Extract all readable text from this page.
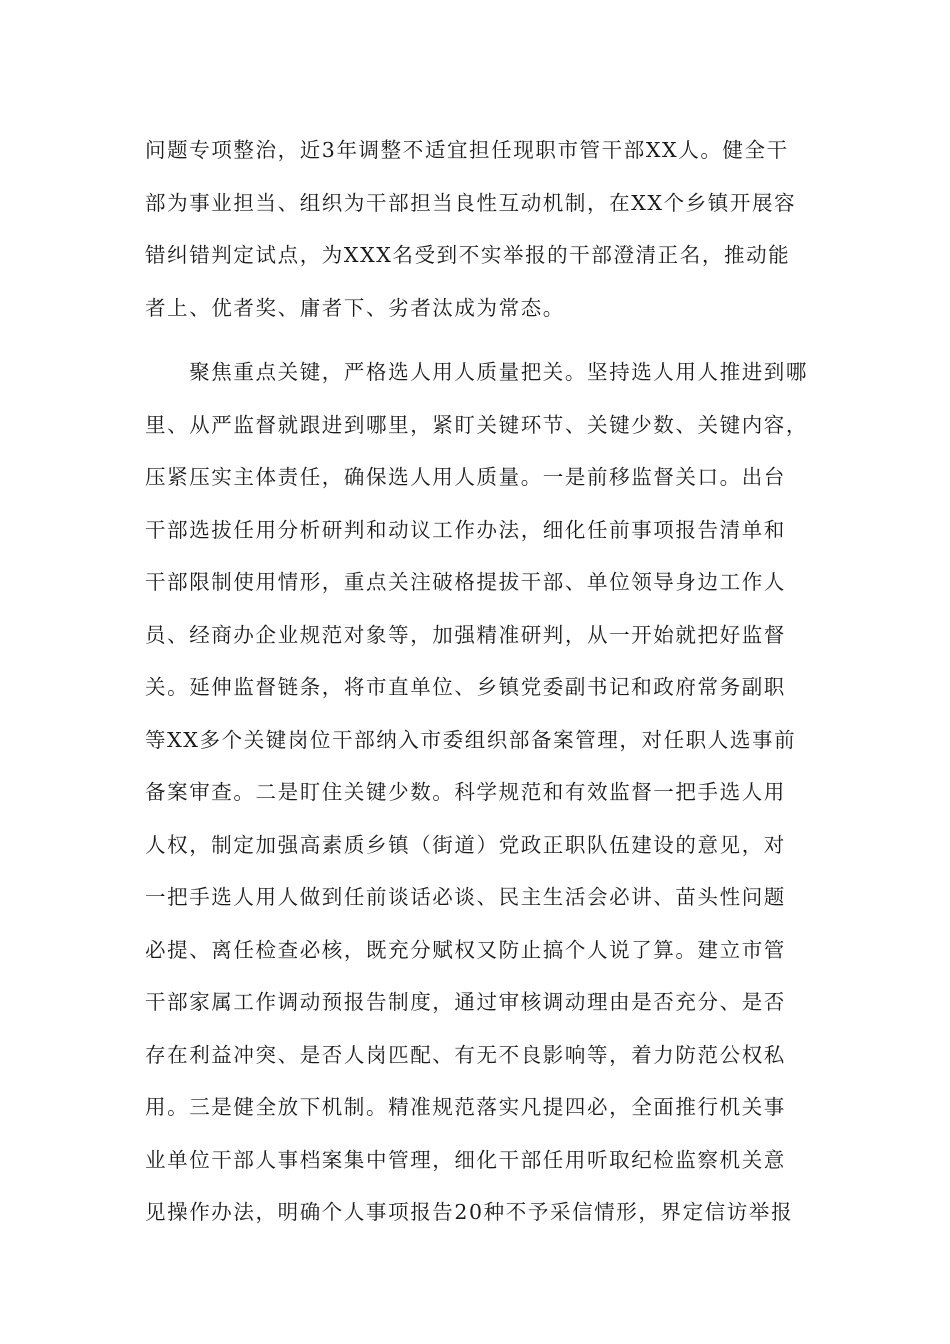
问题专项整治，近3年调整不适宜担任现职市管干部XX人。健全干
部为事业担当、组织为干部担当良性互动机制，在XX个乡镇开展容
错纠错判定试点，为XXX名受到不实举报的干部澄清正名，推动能
者上、优者奖、庸者下、劣者汰成为常态。
　　聚焦重点关键，严格选人用人质量把关。坚持选人用人推进到哪
里、从严监督就跟进到哪里，紧盯关键环节、关键少数、关键内容，
压紧压实主体责任，确保选人用人质量。一是前移监督关口。出台
干部选拔任用分析研判和动议工作办法，细化任前事项报告清单和
干部限制使用情形，重点关注破格提拔干部、单位领导身边工作人
员、经商办企业规范对象等，加强精准研判，从一开始就把好监督
关。延伸监督链条，将市直单位、乡镇党委副书记和政府常务副职
等XX多个关键岗位干部纳入市委组织部备案管理，对任职人选事前
备案审查。二是盯住关键少数。科学规范和有效监督一把手选人用
人权，制定加强高素质乡镇（街道）党政正职队伍建设的意见，对
一把手选人用人做到任前谈话必谈、民主生活会必讲、苗头性问题
必提、离任检查必核，既充分赋权又防止搞个人说了算。建立市管
干部家属工作调动预报告制度，通过审核调动理由是否充分、是否
存在利益冲突、是否人岗匹配、有无不良影响等，着力防范公权私
用。三是健全放下机制。精准规范落实凡提四必，全面推行机关事
业单位干部人事档案集中管理，细化干部任用听取纪检监察机关意
见操作办法，明确个人事项报告20种不予采信情形，界定信访举报
